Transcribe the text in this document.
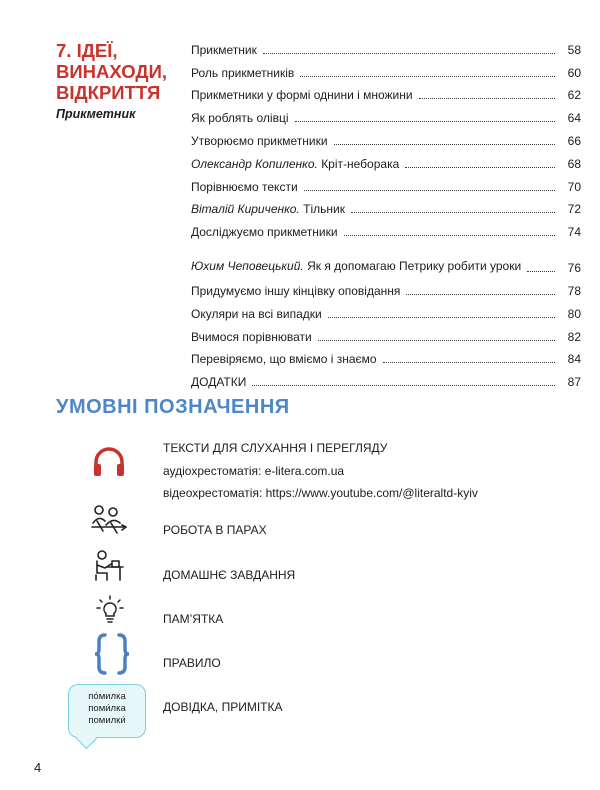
7. ІДЕЇ, ВИНАХОДИ, ВІДКРИТТЯ
Прикметник
Прикметник	58
Роль прикметників	60
Прикметники у формі однини і множини	62
Як роблять олівці	64
Утворюємо прикметники	66
Олександр Копиленко. Кріт-неборака	68
Порівнюємо тексти	70
Віталій Кириченко. Тільник	72
Досліджуємо прикметники	74
Юхим Чеповецький. Як я допомагаю Петрику робити уроки	76
Придумуємо іншу кінцівку оповідання	78
Окуляри на всі випадки	80
Вчимося порівнювати	82
Перевіряємо, що вміємо і знаємо	84
ДОДАТКИ	87
УМОВНІ ПОЗНАЧЕННЯ
ТЕКСТИ ДЛЯ СЛУХАННЯ І ПЕРЕГЛЯДУ
аудіохрестоматія: e-litera.com.ua
відеохрестоматія: https://www.youtube.com/@literaltd-kyiv
РОБОТА В ПАРАХ
ДОМАШНЄ ЗАВДАННЯ
ПАМ’ЯТКА
ПРАВИЛО
по́милка
поми́лка
помилки́
ДОВІДКА, ПРИМІТКА
4
